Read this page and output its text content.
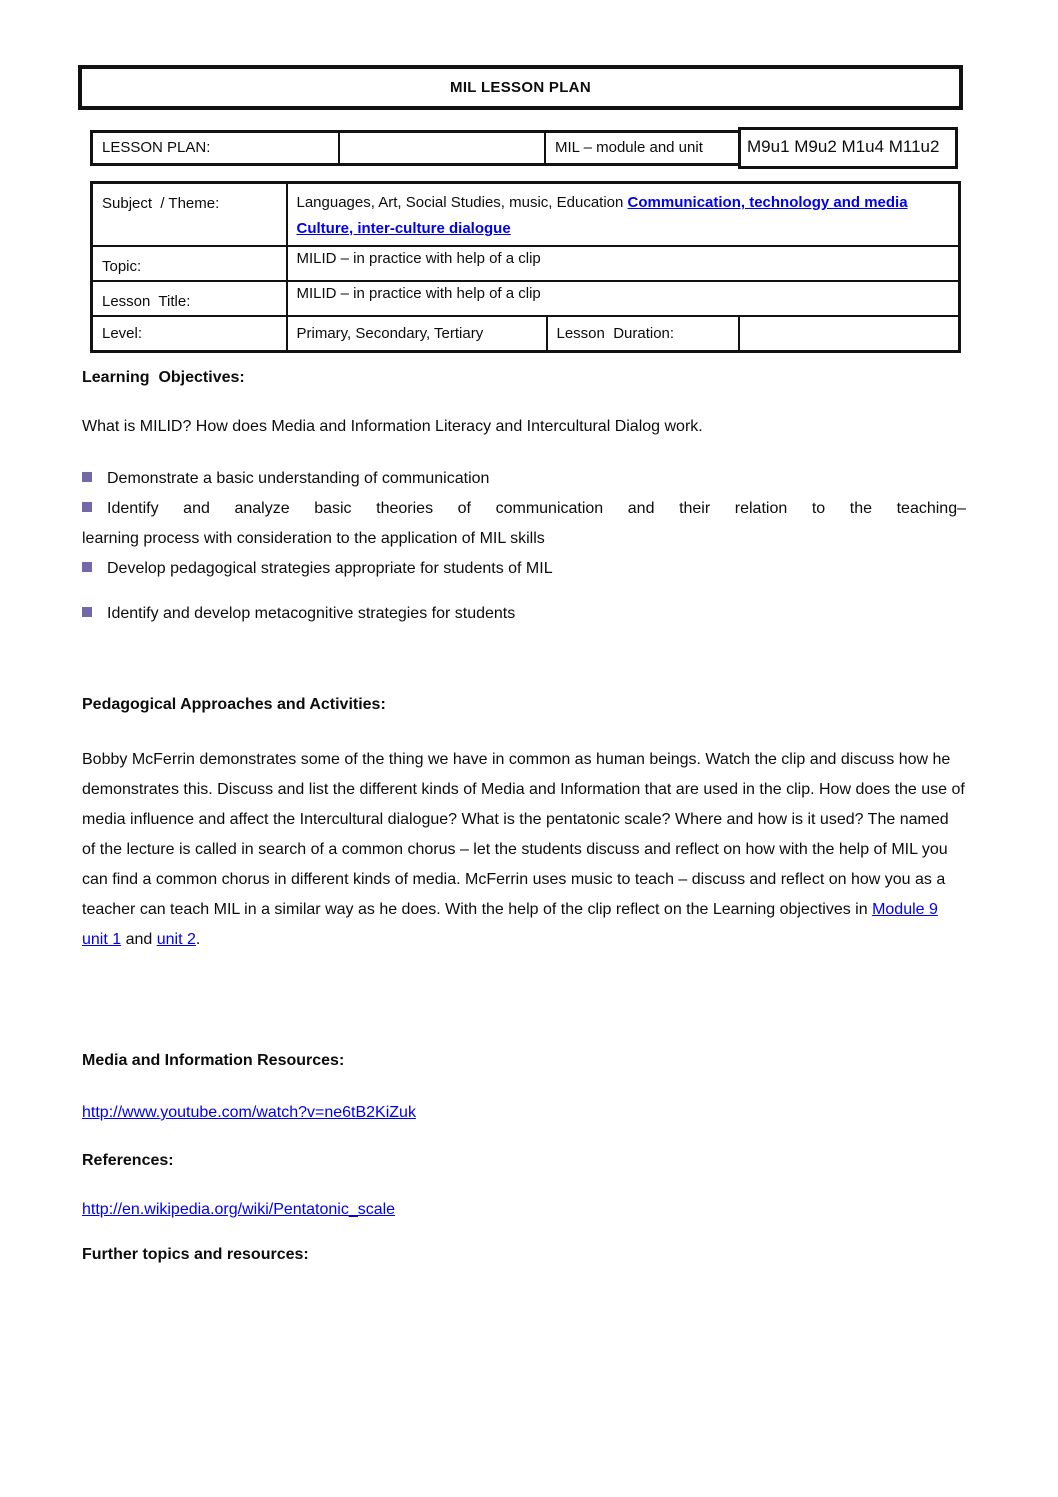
MIL LESSON PLAN
LESSON PLAN:	MIL – module and unit	M9u1 M9u2 M1u4 M11u2
Subject  / Theme:	Languages, Art, Social Studies, music, Education Communication, technology and media Culture, inter-culture dialogue		
Topic:	MILID – in practice with help of a clip		
Lesson  Title:	MILID – in practice with help of a clip		
Level:	Primary, Secondary, Tertiary	Lesson  Duration:	
Learning  Objectives:

What is MILID? How does Media and Information Literacy and Intercultural Dialog work.

Demonstrate a basic understanding of communication
Identify and analyze basic theories of communication and their relation to the teaching–
learning process with consideration to the application of MIL skills
Develop pedagogical strategies appropriate for students of MIL
Identify and develop metacognitive strategies for students
Pedagogical Approaches and Activities:

Bobby McFerrin demonstrates some of the thing we have in common as human beings. Watch the clip and discuss how he demonstrates this. Discuss and list the different kinds of Media and Information that are used in the clip. How does the use of media influence and affect the Intercultural dialogue? What is the pentatonic scale? Where and how is it used? The named of the lecture is called in search of a common chorus – let the students discuss and reflect on how with the help of MIL you can find a common chorus in different kinds of media. McFerrin uses music to teach – discuss and reflect on how you as a teacher can teach MIL in a similar way as he does. With the help of the clip reflect on the Learning objectives in Module 9 unit 1 and unit 2.

Media and Information Resources:
http://www.youtube.com/watch?v=ne6tB2KiZuk
References:
http://en.wikipedia.org/wiki/Pentatonic_scale
Further topics and resources:
